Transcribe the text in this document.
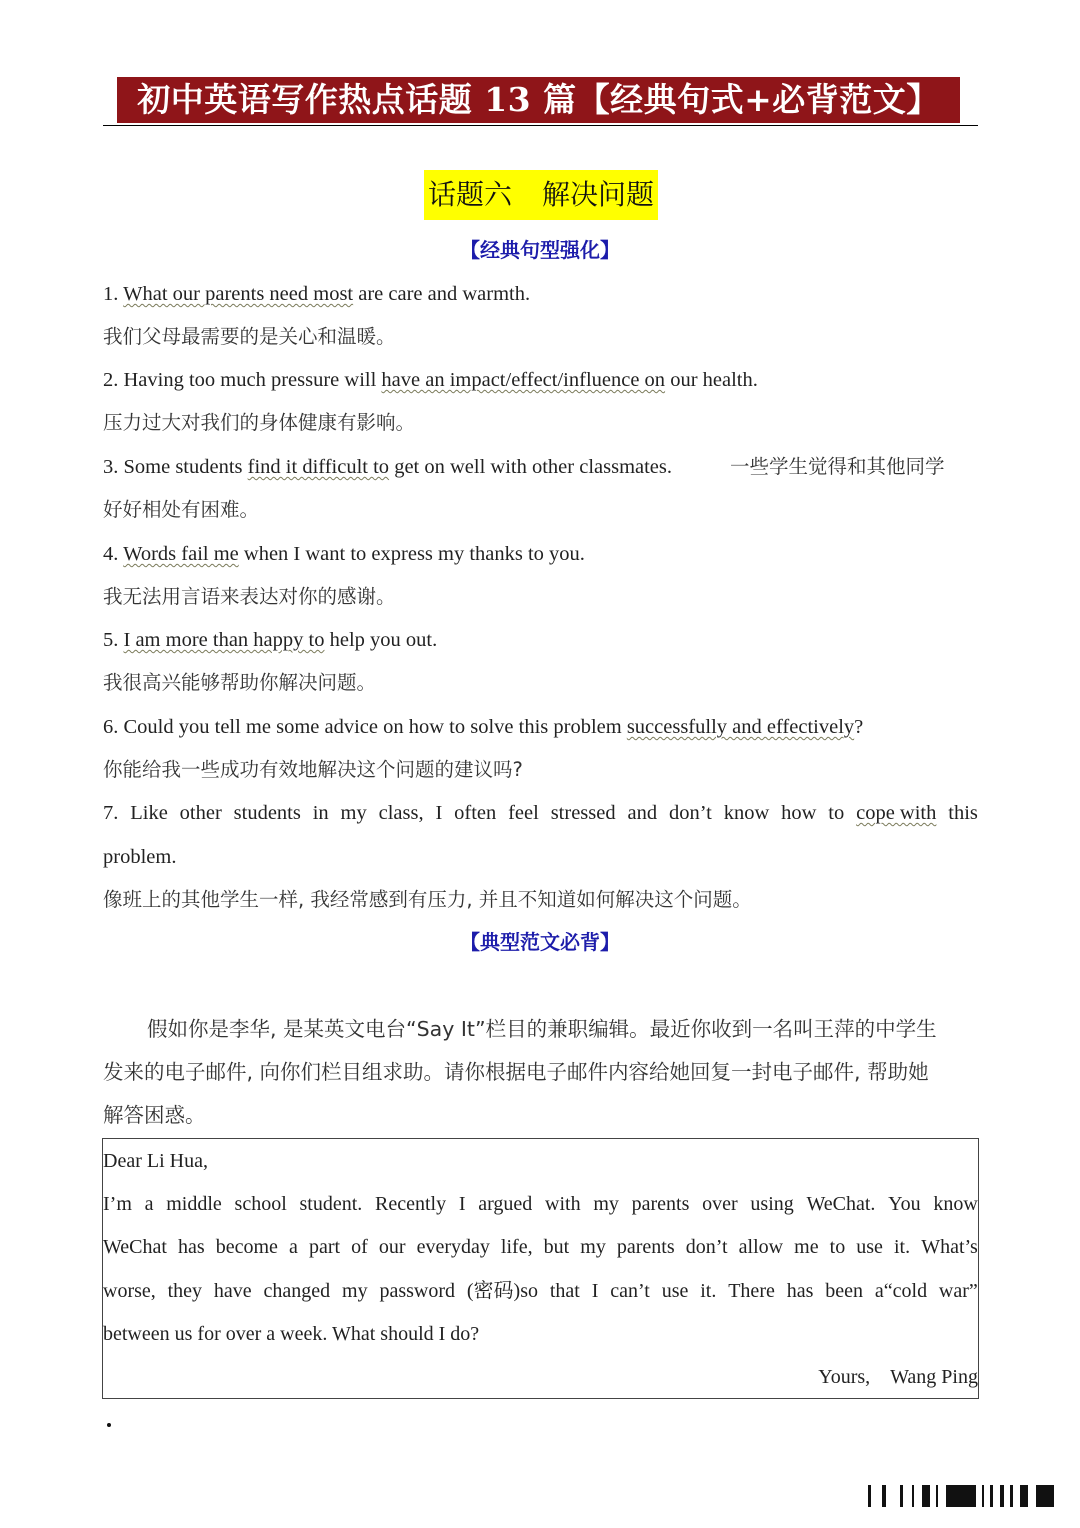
初中英语写作热点话题 13 篇【经典句式+必背范文】
话题六 解决问题
【经典句型强化】
1. What our parents need most are care and warmth.
我们父母最需要的是关心和温暖。
2. Having too much pressure will have an impact/effect/influence on our health.
压力过大对我们的身体健康有影响。
3. Some students find it difficult to get on well with other classmates.	一些学生觉得和其他同学
好好相处有困难。
4. Words fail me when I want to express my thanks to you.
我无法用言语来表达对你的感谢。
5. I am more than happy to help you out.
我很高兴能够帮助你解决问题。
6. Could you tell me some advice on how to solve this problem successfully and effectively?
你能给我一些成功有效地解决这个问题的建议吗?
7. Like other students in my class, I often feel stressed and don’t know how to cope with this
problem.
像班上的其他学生一样, 我经常感到有压力, 并且不知道如何解决这个问题。
【典型范文必背】
假如你是李华, 是某英文电台“Say It”栏目的兼职编辑。最近你收到一名叫王萍的中学生
发来的电子邮件, 向你们栏目组求助。请你根据电子邮件内容给她回复一封电子邮件, 帮助她
解答困惑。
Dear Li Hua,
I’m a middle school student. Recently I argued with my parents over using WeChat. You know
WeChat has become a part of our everyday life, but my parents don’t allow me to use it. What’s
worse, they have changed my password (密码)so that I can’t use it. There has been a“cold war”
between us for over a week. What should I do?
Yours, Wang Ping
